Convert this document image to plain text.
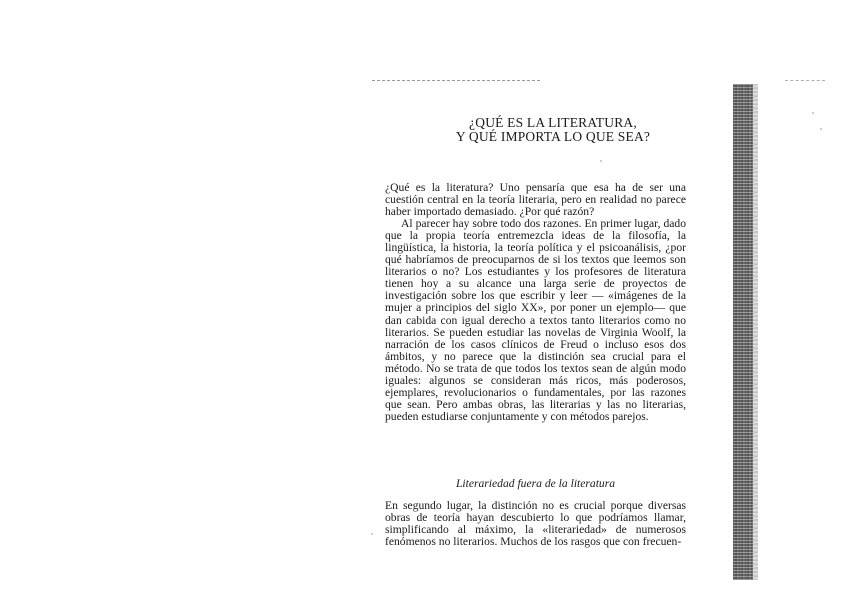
¿QUÉ ES LA LITERATURA,
Y QUÉ IMPORTA LO QUE SEA?

¿Qué es la literatura? Uno pensaría que esa ha de ser una cuestión central en la teoría literaria, pero en realidad no parece haber importado demasiado. ¿Por qué razón?

Al parecer hay sobre todo dos razones. En primer lugar, dado que la propia teoría entremezcla ideas de la filosofía, la lingüística, la historia, la teoría política y el psicoanálisis, ¿por qué habríamos de preocuparnos de si los textos que leemos son literarios o no? Los estudiantes y los profesores de literatura tienen hoy a su alcance una larga serie de proyectos de investigación sobre los que escribir y leer — «imágenes de la mujer a principios del siglo XX», por poner un ejemplo— que dan cabida con igual derecho a textos tanto literarios como no literarios. Se pueden estudiar las novelas de Virginia Woolf, la narración de los casos clínicos de Freud o incluso esos dos ámbitos, y no parece que la distinción sea crucial para el método. No se trata de que todos los textos sean de algún modo iguales: algunos se consideran más ricos, más poderosos, ejemplares, revolucionarios o fundamentales, por las razones que sean. Pero ambas obras, las literarias y las no literarias, pueden estudiarse conjuntamente y con métodos parejos.

Literariedad fuera de la literatura
En segundo lugar, la distinción no es crucial porque diversas obras de teoría hayan descubierto lo que podríamos llamar, simplificando al máximo, la «literariedad» de numerosos fenómenos no literarios. Muchos de los rasgos que con frecuen-
